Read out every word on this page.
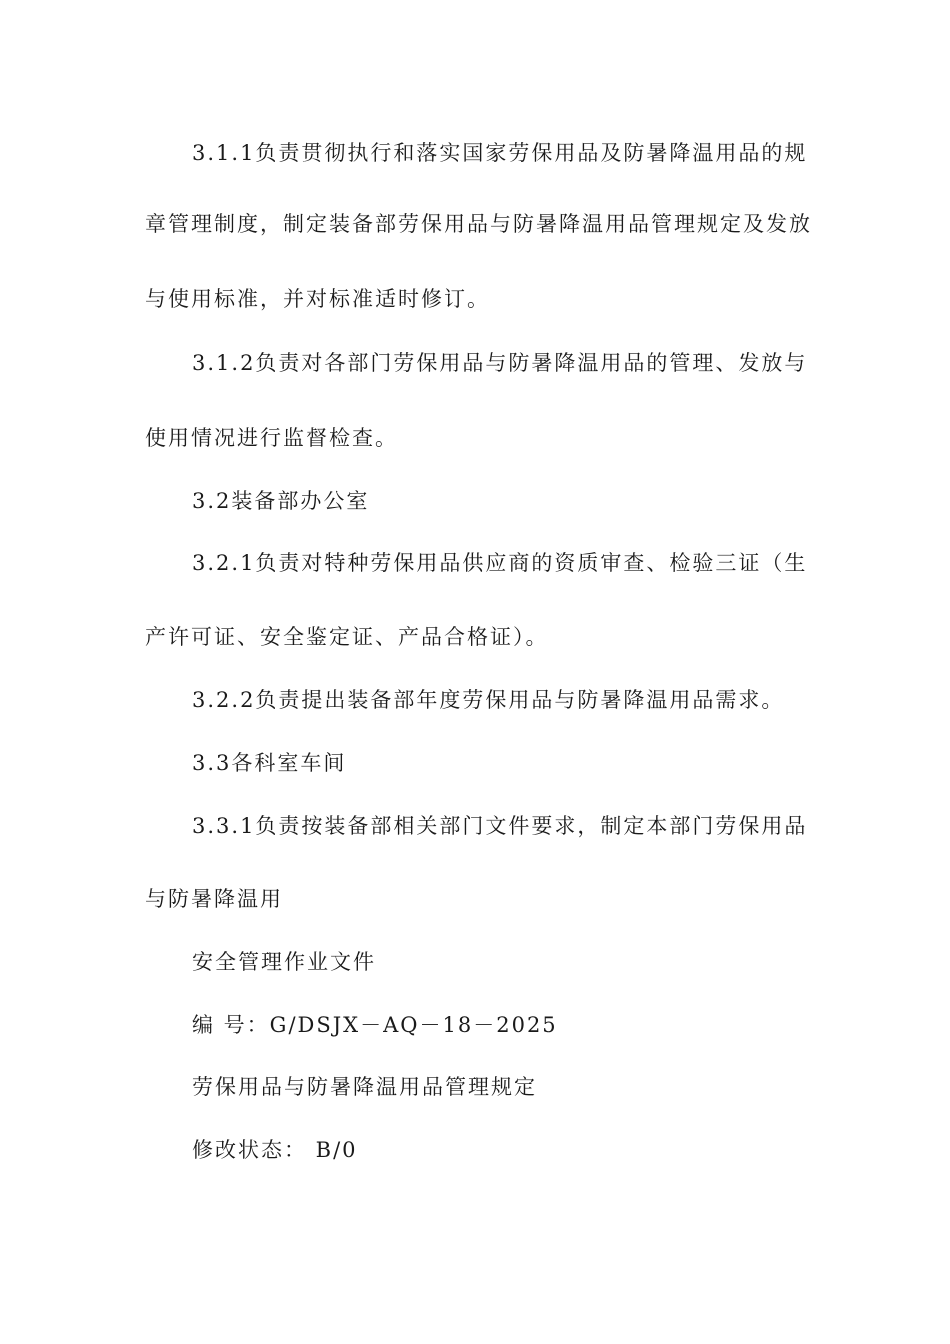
3.1.1负责贯彻执行和落实国家劳保用品及防暑降温用品的规
章管理制度，制定装备部劳保用品与防暑降温用品管理规定及发放
与使用标准，并对标准适时修订。
3.1.2负责对各部门劳保用品与防暑降温用品的管理、发放与
使用情况进行监督检查。
3.2装备部办公室
3.2.1负责对特种劳保用品供应商的资质审查、检验三证（生
产许可证、安全鉴定证、产品合格证）。
3.2.2负责提出装备部年度劳保用品与防暑降温用品需求。
3.3各科室车间
3.3.1负责按装备部相关部门文件要求，制定本部门劳保用品
与防暑降温用
安全管理作业文件
编 号：G/DSJX－AQ－18－2025
劳保用品与防暑降温用品管理规定
修改状态： B/0
